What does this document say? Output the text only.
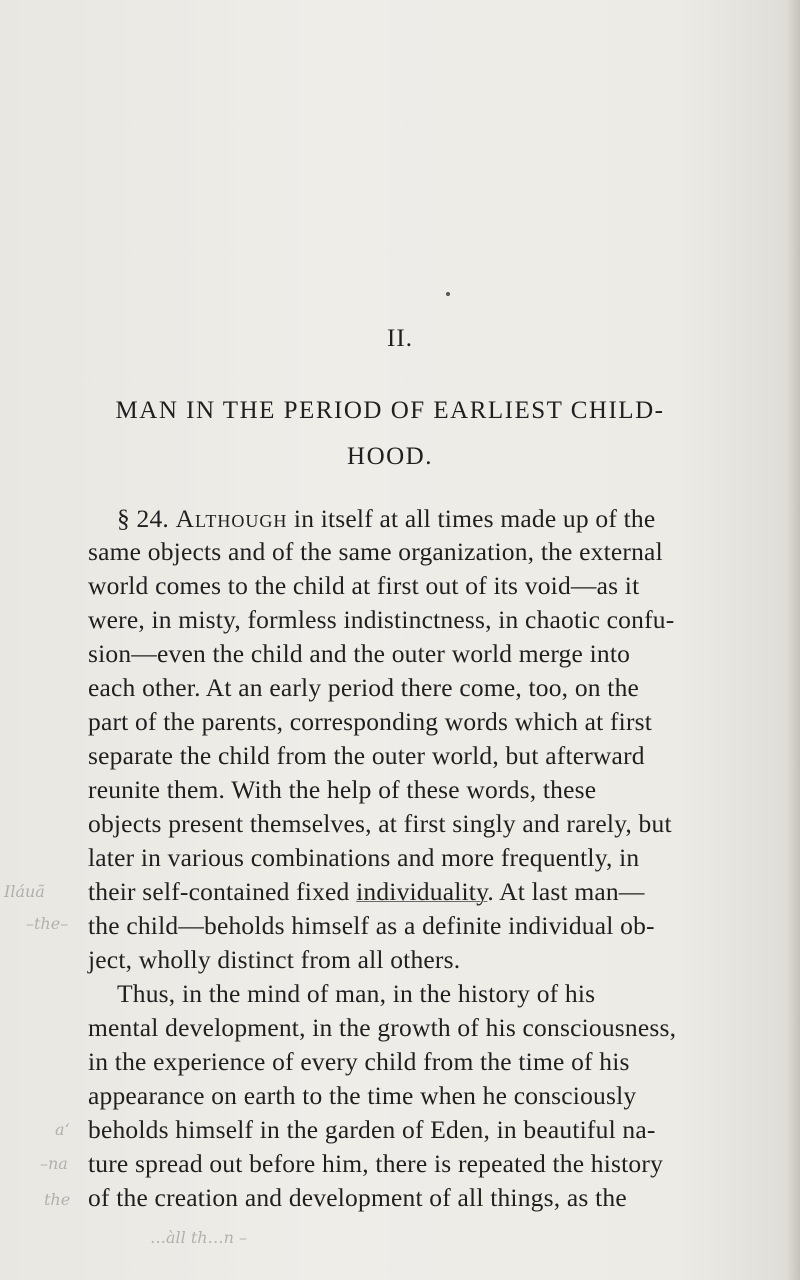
II.
MAN IN THE PERIOD OF EARLIEST CHILD-
HOOD.
§ 24. Although in itself at all times made up of the
same objects and of the same organization, the external
world comes to the child at first out of its void—as it
were, in misty, formless indistinctness, in chaotic confu-
sion—even the child and the outer world merge into
each other. At an early period there come, too, on the
part of the parents, corresponding words which at first
separate the child from the outer world, but afterward
reunite them. With the help of these words, these
objects present themselves, at first singly and rarely, but
later in various combinations and more frequently, in
their self-contained fixed individuality. At last man—
the child—beholds himself as a definite individual ob-
ject, wholly distinct from all others.
Thus, in the mind of man, in the history of his
mental development, in the growth of his consciousness,
in the experience of every child from the time of his
appearance on earth to the time when he consciously
beholds himself in the garden of Eden, in beautiful na-
ture spread out before him, there is repeated the history
of the creation and development of all things, as the
Iláuã
–the–
a‘
–na
the
…àll th…n –
